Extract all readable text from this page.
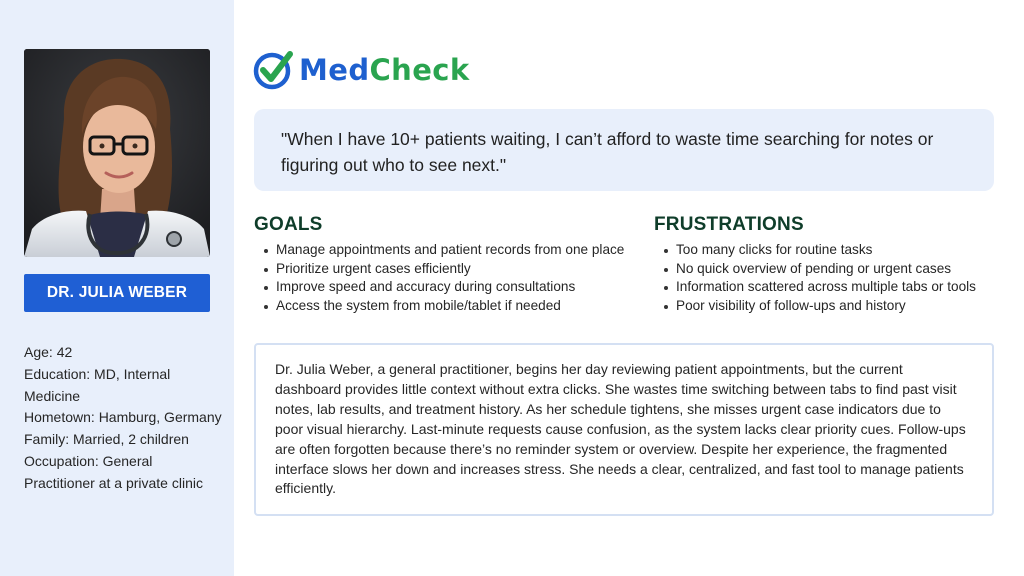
DR. JULIA WEBER
Age: 42
Education: MD, Internal Medicine
Hometown: Hamburg, Germany
Family: Married, 2 children
Occupation: General Practitioner at a private clinic
MedCheck
"When I have 10+ patients waiting, I can’t afford to waste time searching for notes or figuring out who to see next."
GOALS
Manage appointments and patient records from one place
Prioritize urgent cases efficiently
Improve speed and accuracy during consultations
Access the system from mobile/tablet if needed
FRUSTRATIONS
Too many clicks for routine tasks
No quick overview of pending or urgent cases
Information scattered across multiple tabs or tools
Poor visibility of follow-ups and history
Dr. Julia Weber, a general practitioner, begins her day reviewing patient appointments, but the current dashboard provides little context without extra clicks. She wastes time switching between tabs to find past visit notes, lab results, and treatment history. As her schedule tightens, she misses urgent case indicators due to poor visual hierarchy. Last-minute requests cause confusion, as the system lacks clear priority cues. Follow-ups are often forgotten because there’s no reminder system or overview. Despite her experience, the fragmented interface slows her down and increases stress. She needs a clear, centralized, and fast tool to manage patients efficiently.
